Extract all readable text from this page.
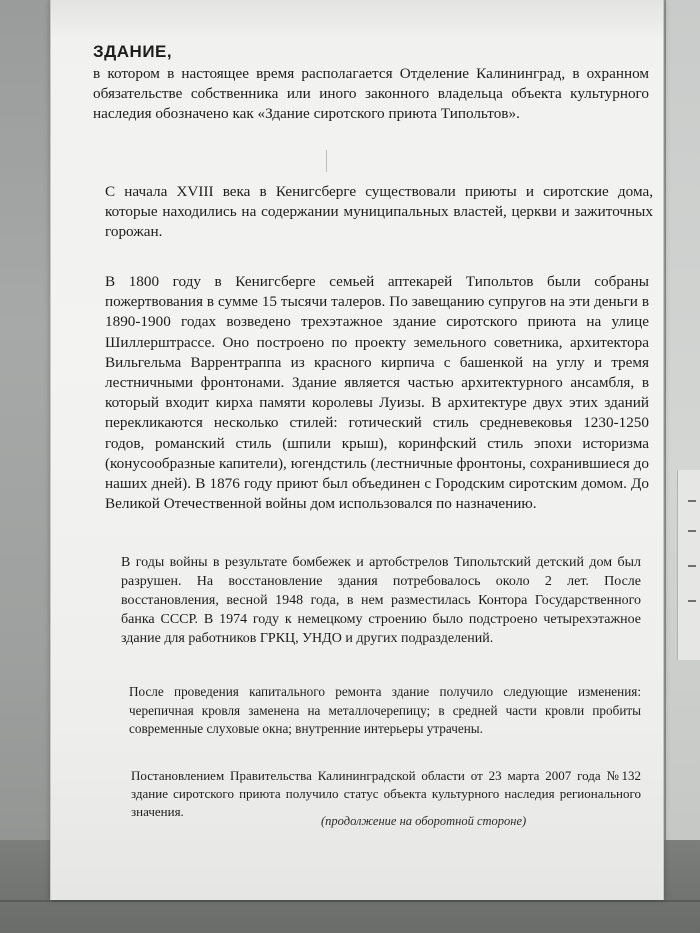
ЗДАНИЕ,

в котором в настоящее время располагается Отделение Калининград, в охранном обязательстве собственника или иного законного владельца объекта культурного наследия обозначено как «Здание сиротского приюта Типольтов».

С начала XVIII века в Кенигсберге существовали приюты и сиротские дома, которые находились на содержании муниципальных властей, церкви и зажиточных горожан.

В 1800 году в Кенигсберге семьей аптекарей Типольтов были собраны пожертвования в сумме 15 тысячи талеров. По завещанию супругов на эти деньги в 1890-1900 годах возведено трехэтажное здание сиротского приюта на улице Шиллерштрассе. Оно построено по проекту земельного советника, архитектора Вильгельма Варрентраппа из красного кирпича с башенкой на углу и тремя лестничными фронтонами. Здание является частью архитектурного ансамбля, в который входит кирха памяти королевы Луизы. В архитектуре двух этих зданий перекликаются несколько стилей: готический стиль средневековья 1230-1250 годов, романский стиль (шпили крыш), коринфский стиль эпохи историзма (конусообразные капители), югендстиль (лестничные фронтоны, сохранившиеся до наших дней). В 1876 году приют был объединен с Городским сиротским домом. До Великой Отечественной войны дом использовался по назначению.

В годы войны в результате бомбежек и артобстрелов Типольтский детский дом был разрушен. На восстановление здания потребовалось около 2 лет. После восстановления, весной 1948 года, в нем разместилась Контора Государственного банка СССР. В 1974 году к немецкому строению было подстроено четырехэтажное здание для работников ГРКЦ, УНДО и других подразделений.

После проведения капитального ремонта здание получило следующие изменения: черепичная кровля заменена на металлочерепицу; в средней части кровли пробиты современные слуховые окна; внутренние интерьеры утрачены.

Постановлением Правительства Калининградской области от 23 марта 2007 года №132 здание сиротского приюта получило статус объекта культурного наследия регионального значения.

(продолжение на оборотной стороне)
